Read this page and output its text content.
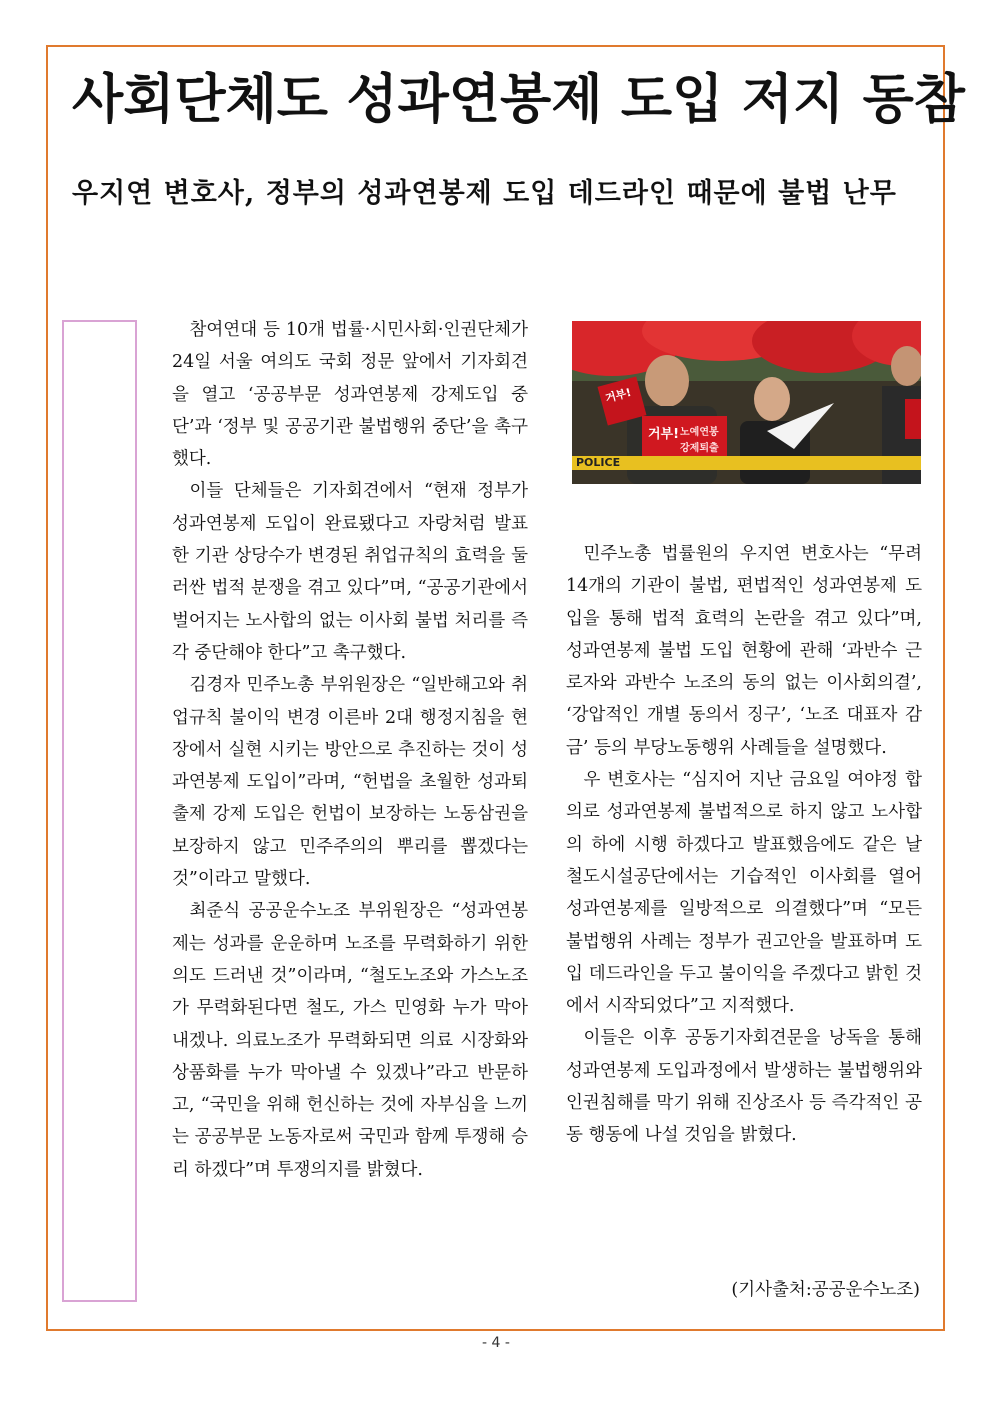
사회단체도 성과연봉제 도입 저지 동참
우지연 변호사, 정부의 성과연봉제 도입 데드라인 때문에 불법 난무

참여연대 등 10개 법률·시민사회·인권단체가 24일 서울 여의도 국회 정문 앞에서 기자회견을 열고 ‘공공부문 성과연봉제 강제도입 중단’과 ‘정부 및 공공기관 불법행위 중단’을 촉구했다.

이들 단체들은 기자회견에서 “현재 정부가 성과연봉제 도입이 완료됐다고 자랑처럼 발표한 기관 상당수가 변경된 취업규칙의 효력을 둘러싼 법적 분쟁을 겪고 있다”며, “공공기관에서 벌어지는 노사합의 없는 이사회 불법 처리를 즉각 중단해야 한다”고 촉구했다.

김경자 민주노총 부위원장은 “일반해고와 취업규칙 불이익 변경 이른바 2대 행정지침을 현장에서 실현 시키는 방안으로 추진하는 것이 성과연봉제 도입이”라며, “헌법을 초월한 성과퇴출제 강제 도입은 헌법이 보장하는 노동삼권을 보장하지 않고 민주주의의 뿌리를 뽑겠다는 것”이라고 말했다.

최준식 공공운수노조 부위원장은 “성과연봉제는 성과를 운운하며 노조를 무력화하기 위한 의도 드러낸 것”이라며, “철도노조와 가스노조가 무력화된다면 철도, 가스 민영화 누가 막아내겠나. 의료노조가 무력화되면 의료 시장화와 상품화를 누가 막아낼 수 있겠나”라고 반문하고, “국민을 위해 헌신하는 것에 자부심을 느끼는 공공부문 노동자로써 국민과 함께 투쟁해 승리 하겠다”며 투쟁의지를 밝혔다.

거부!
거부! 노예연봉
강제퇴출
POLICE

민주노총 법률원의 우지연 변호사는 “무려 14개의 기관이 불법, 편법적인 성과연봉제 도입을 통해 법적 효력의 논란을 겪고 있다”며, 성과연봉제 불법 도입 현황에 관해 ‘과반수 근로자와 과반수 노조의 동의 없는 이사회의결’, ‘강압적인 개별 동의서 징구’, ‘노조 대표자 감금’ 등의 부당노동행위 사례들을 설명했다.

우 변호사는 “심지어 지난 금요일 여야정 합의로 성과연봉제 불법적으로 하지 않고 노사합의 하에 시행 하겠다고 발표했음에도 같은 날 철도시설공단에서는 기습적인 이사회를 열어 성과연봉제를 일방적으로 의결했다”며 “모든 불법행위 사례는 정부가 권고안을 발표하며 도입 데드라인을 두고 불이익을 주겠다고 밝힌 것에서 시작되었다”고 지적했다.

이들은 이후 공동기자회견문을 낭독을 통해 성과연봉제 도입과정에서 발생하는 불법행위와 인권침해를 막기 위해 진상조사 등 즉각적인 공동 행동에 나설 것임을 밝혔다.

(기사출처:공공운수노조)
- 4 -
